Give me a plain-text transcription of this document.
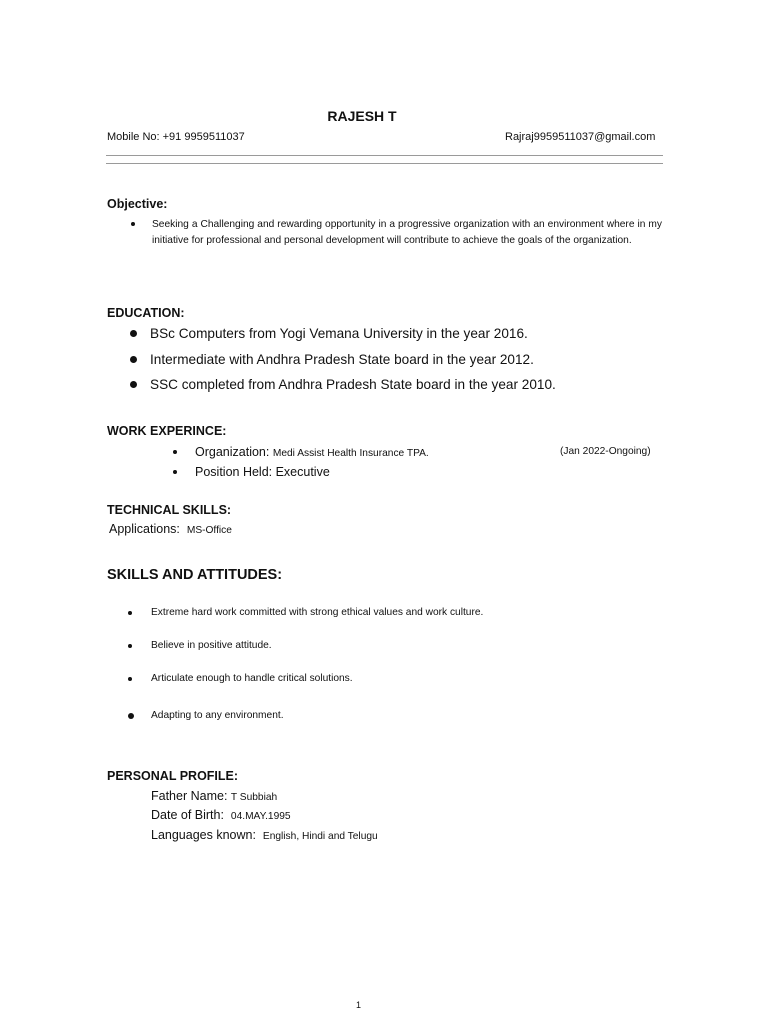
RAJESH T
Mobile No: +91 9959511037	Rajraj9959511037@gmail.com
Objective:
Seeking a Challenging and rewarding opportunity in a progressive organization with an environment where in my initiative for professional and personal development will contribute to achieve the goals of the organization.
EDUCATION:
BSc Computers from Yogi Vemana University in the year 2016.
Intermediate with Andhra Pradesh State board in the year 2012.
SSC completed from Andhra Pradesh State board in the year 2010.
WORK EXPERINCE:
Organization: Medi Assist Health Insurance TPA.
Position Held: Executive
(Jan 2022-Ongoing)
TECHNICAL SKILLS:
Applications: MS-Office
SKILLS AND ATTITUDES:
Extreme hard work committed with strong ethical values and work culture.
Believe in positive attitude.
Articulate enough to handle critical solutions.
Adapting to any environment.
PERSONAL PROFILE:
Father Name: T Subbiah
Date of Birth: 04.MAY.1995
Languages known: English, Hindi and Telugu
1
